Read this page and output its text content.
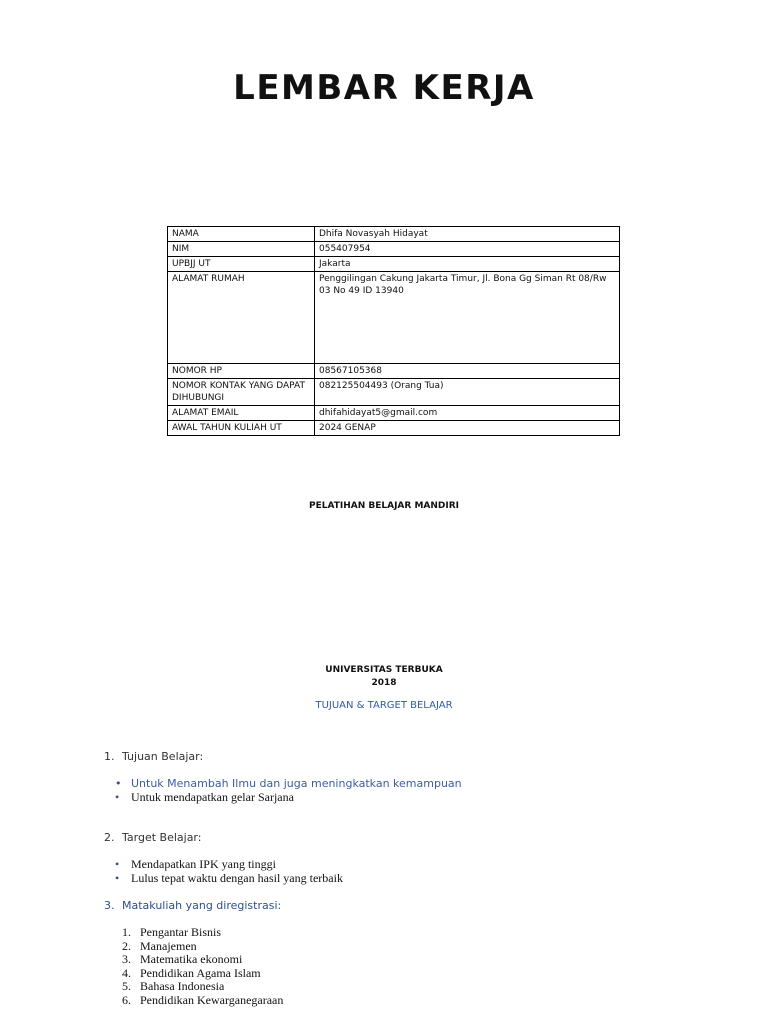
LEMBAR KERJA
NAMA	Dhifa Novasyah Hidayat
NIM	055407954
UPBJJ UT	Jakarta
ALAMAT RUMAH	Penggilingan Cakung Jakarta Timur, Jl. Bona Gg Siman Rt 08/Rw 03 No 49 ID 13940
NOMOR HP	08567105368
NOMOR KONTAK YANG DAPAT DIHUBUNGI	082125504493 (Orang Tua)
ALAMAT EMAIL	dhifahidayat5@gmail.com
AWAL TAHUN KULIAH UT	2024 GENAP
PELATIHAN BELAJAR MANDIRI
UNIVERSITAS TERBUKA
2018
TUJUAN & TARGET BELAJAR
1. Tujuan Belajar:
• Untuk Menambah Ilmu dan juga meningkatkan kemampuan
• Untuk mendapatkan gelar Sarjana
2. Target Belajar:
• Mendapatkan IPK yang tinggi
• Lulus tepat waktu dengan hasil yang terbaik
3. Matakuliah yang diregistrasi:
1. Pengantar Bisnis
2. Manajemen
3. Matematika ekonomi
4. Pendidikan Agama Islam
5. Bahasa Indonesia
6. Pendidikan Kewarganegaraan
